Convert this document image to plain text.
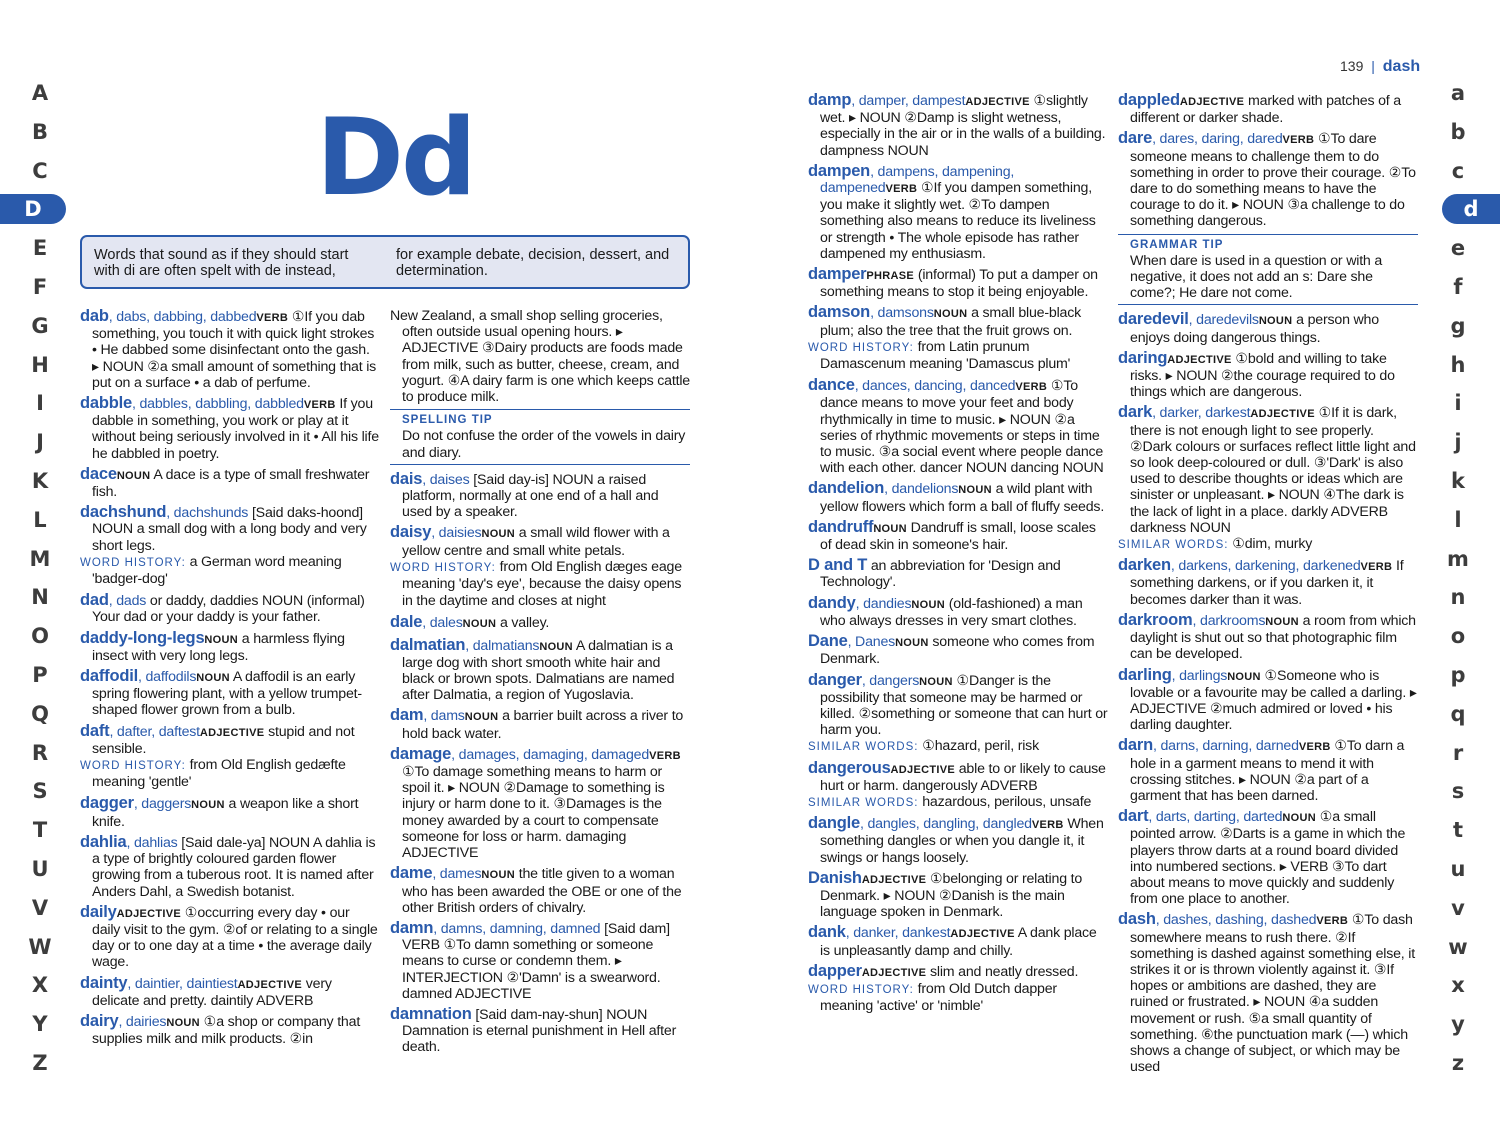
A
B
C
D
E
F
G
H
I
J
K
L
M
N
O
P
Q
R
S
T
U
V
W
X
Y
Z
a
b
c
d
e
f
g
h
i
j
k
l
m
n
o
p
q
r
s
t
u
v
w
x
y
z
Dd
Words that sound as if they should start
with di are often spelt with de instead,
for example debate, decision, dessert, and
determination.
139 | dash
dab, dabs, dabbing, dabbedVERB ①If you dab something, you touch it with quick light strokes • He dabbed some disinfectant onto the gash. ▸ NOUN ②a small amount of something that is put on a surface • a dab of perfume.
dabble, dabbles, dabbling, dabbledVERB If you dabble in something, you work or play at it without being seriously involved in it • All his life he dabbled in poetry.
daceNOUN A dace is a type of small freshwater fish.
dachshund, dachshunds [Said daks-hoond] NOUN a small dog with a long body and very short legs.
WORD HISTORY: a German word meaning 'badger-dog'
dad, dads or daddy, daddies NOUN (informal) Your dad or your daddy is your father.
daddy-long-legsNOUN a harmless flying insect with very long legs.
daffodil, daffodilsNOUN A daffodil is an early spring flowering plant, with a yellow trumpet-shaped flower grown from a bulb.
daft, dafter, daftestADJECTIVE stupid and not sensible.
WORD HISTORY: from Old English gedæfte meaning 'gentle'
dagger, daggersNOUN a weapon like a short knife.
dahlia, dahlias [Said dale-ya] NOUN A dahlia is a type of brightly coloured garden flower growing from a tuberous root. It is named after Anders Dahl, a Swedish botanist.
dailyADJECTIVE ①occurring every day • our daily visit to the gym. ②of or relating to a single day or to one day at a time • the average daily wage.
dainty, daintier, daintiestADJECTIVE very delicate and pretty. daintily ADVERB
dairy, dairiesNOUN ①a shop or company that supplies milk and milk products. ②in
New Zealand, a small shop selling groceries, often outside usual opening hours. ▸ ADJECTIVE ③Dairy products are foods made from milk, such as butter, cheese, cream, and yogurt. ④A dairy farm is one which keeps cattle to produce milk.
SPELLING TIP
Do not confuse the order of the vowels in dairy and diary.
dais, daises [Said day-is] NOUN a raised platform, normally at one end of a hall and used by a speaker.
daisy, daisiesNOUN a small wild flower with a yellow centre and small white petals.
WORD HISTORY: from Old English dæges eage meaning 'day's eye', because the daisy opens in the daytime and closes at night
dale, dalesNOUN a valley.
dalmatian, dalmatiansNOUN A dalmatian is a large dog with short smooth white hair and black or brown spots. Dalmatians are named after Dalmatia, a region of Yugoslavia.
dam, damsNOUN a barrier built across a river to hold back water.
damage, damages, damaging, damagedVERB ①To damage something means to harm or spoil it. ▸ NOUN ②Damage to something is injury or harm done to it. ③Damages is the money awarded by a court to compensate someone for loss or harm. damaging ADJECTIVE
dame, damesNOUN the title given to a woman who has been awarded the OBE or one of the other British orders of chivalry.
damn, damns, damning, damned [Said dam] VERB ①To damn something or someone means to curse or condemn them. ▸ INTERJECTION ②'Damn' is a swearword. damned ADJECTIVE
damnation [Said dam-nay-shun] NOUN Damnation is eternal punishment in Hell after death.
damp, damper, dampestADJECTIVE ①slightly wet. ▸ NOUN ②Damp is slight wetness, especially in the air or in the walls of a building. dampness NOUN
dampen, dampens, dampening, dampenedVERB ①If you dampen something, you make it slightly wet. ②To dampen something also means to reduce its liveliness or strength • The whole episode has rather dampened my enthusiasm.
damperPHRASE (informal) To put a damper on something means to stop it being enjoyable.
damson, damsonsNOUN a small blue-black plum; also the tree that the fruit grows on.
WORD HISTORY: from Latin prunum Damascenum meaning 'Damascus plum'
dance, dances, dancing, dancedVERB ①To dance means to move your feet and body rhythmically in time to music. ▸ NOUN ②a series of rhythmic movements or steps in time to music. ③a social event where people dance with each other. dancer NOUN dancing NOUN
dandelion, dandelionsNOUN a wild plant with yellow flowers which form a ball of fluffy seeds.
dandruffNOUN Dandruff is small, loose scales of dead skin in someone's hair.
D and T an abbreviation for 'Design and Technology'.
dandy, dandiesNOUN (old-fashioned) a man who always dresses in very smart clothes.
Dane, DanesNOUN someone who comes from Denmark.
danger, dangersNOUN ①Danger is the possibility that someone may be harmed or killed. ②something or someone that can hurt or harm you.
SIMILAR WORDS: ①hazard, peril, risk
dangerousADJECTIVE able to or likely to cause hurt or harm. dangerously ADVERB
SIMILAR WORDS: hazardous, perilous, unsafe
dangle, dangles, dangling, dangledVERB When something dangles or when you dangle it, it swings or hangs loosely.
DanishADJECTIVE ①belonging or relating to Denmark. ▸ NOUN ②Danish is the main language spoken in Denmark.
dank, danker, dankestADJECTIVE A dank place is unpleasantly damp and chilly.
dapperADJECTIVE slim and neatly dressed.
WORD HISTORY: from Old Dutch dapper meaning 'active' or 'nimble'
dappledADJECTIVE marked with patches of a different or darker shade.
dare, dares, daring, daredVERB ①To dare someone means to challenge them to do something in order to prove their courage. ②To dare to do something means to have the courage to do it. ▸ NOUN ③a challenge to do something dangerous.
GRAMMAR TIP
When dare is used in a question or with a negative, it does not add an s: Dare she come?; He dare not come.
daredevil, daredevilsNOUN a person who enjoys doing dangerous things.
daringADJECTIVE ①bold and willing to take risks. ▸ NOUN ②the courage required to do things which are dangerous.
dark, darker, darkestADJECTIVE ①If it is dark, there is not enough light to see properly. ②Dark colours or surfaces reflect little light and so look deep-coloured or dull. ③'Dark' is also used to describe thoughts or ideas which are sinister or unpleasant. ▸ NOUN ④The dark is the lack of light in a place. darkly ADVERB darkness NOUN
SIMILAR WORDS: ①dim, murky
darken, darkens, darkening, darkenedVERB If something darkens, or if you darken it, it becomes darker than it was.
darkroom, darkroomsNOUN a room from which daylight is shut out so that photographic film can be developed.
darling, darlingsNOUN ①Someone who is lovable or a favourite may be called a darling. ▸ ADJECTIVE ②much admired or loved • his darling daughter.
darn, darns, darning, darnedVERB ①To darn a hole in a garment means to mend it with crossing stitches. ▸ NOUN ②a part of a garment that has been darned.
dart, darts, darting, dartedNOUN ①a small pointed arrow. ②Darts is a game in which the players throw darts at a round board divided into numbered sections. ▸ VERB ③To dart about means to move quickly and suddenly from one place to another.
dash, dashes, dashing, dashedVERB ①To dash somewhere means to rush there. ②If something is dashed against something else, it strikes it or is thrown violently against it. ③If hopes or ambitions are dashed, they are ruined or frustrated. ▸ NOUN ④a sudden movement or rush. ⑤a small quantity of something. ⑥the punctuation mark (—) which shows a change of subject, or which may be used
